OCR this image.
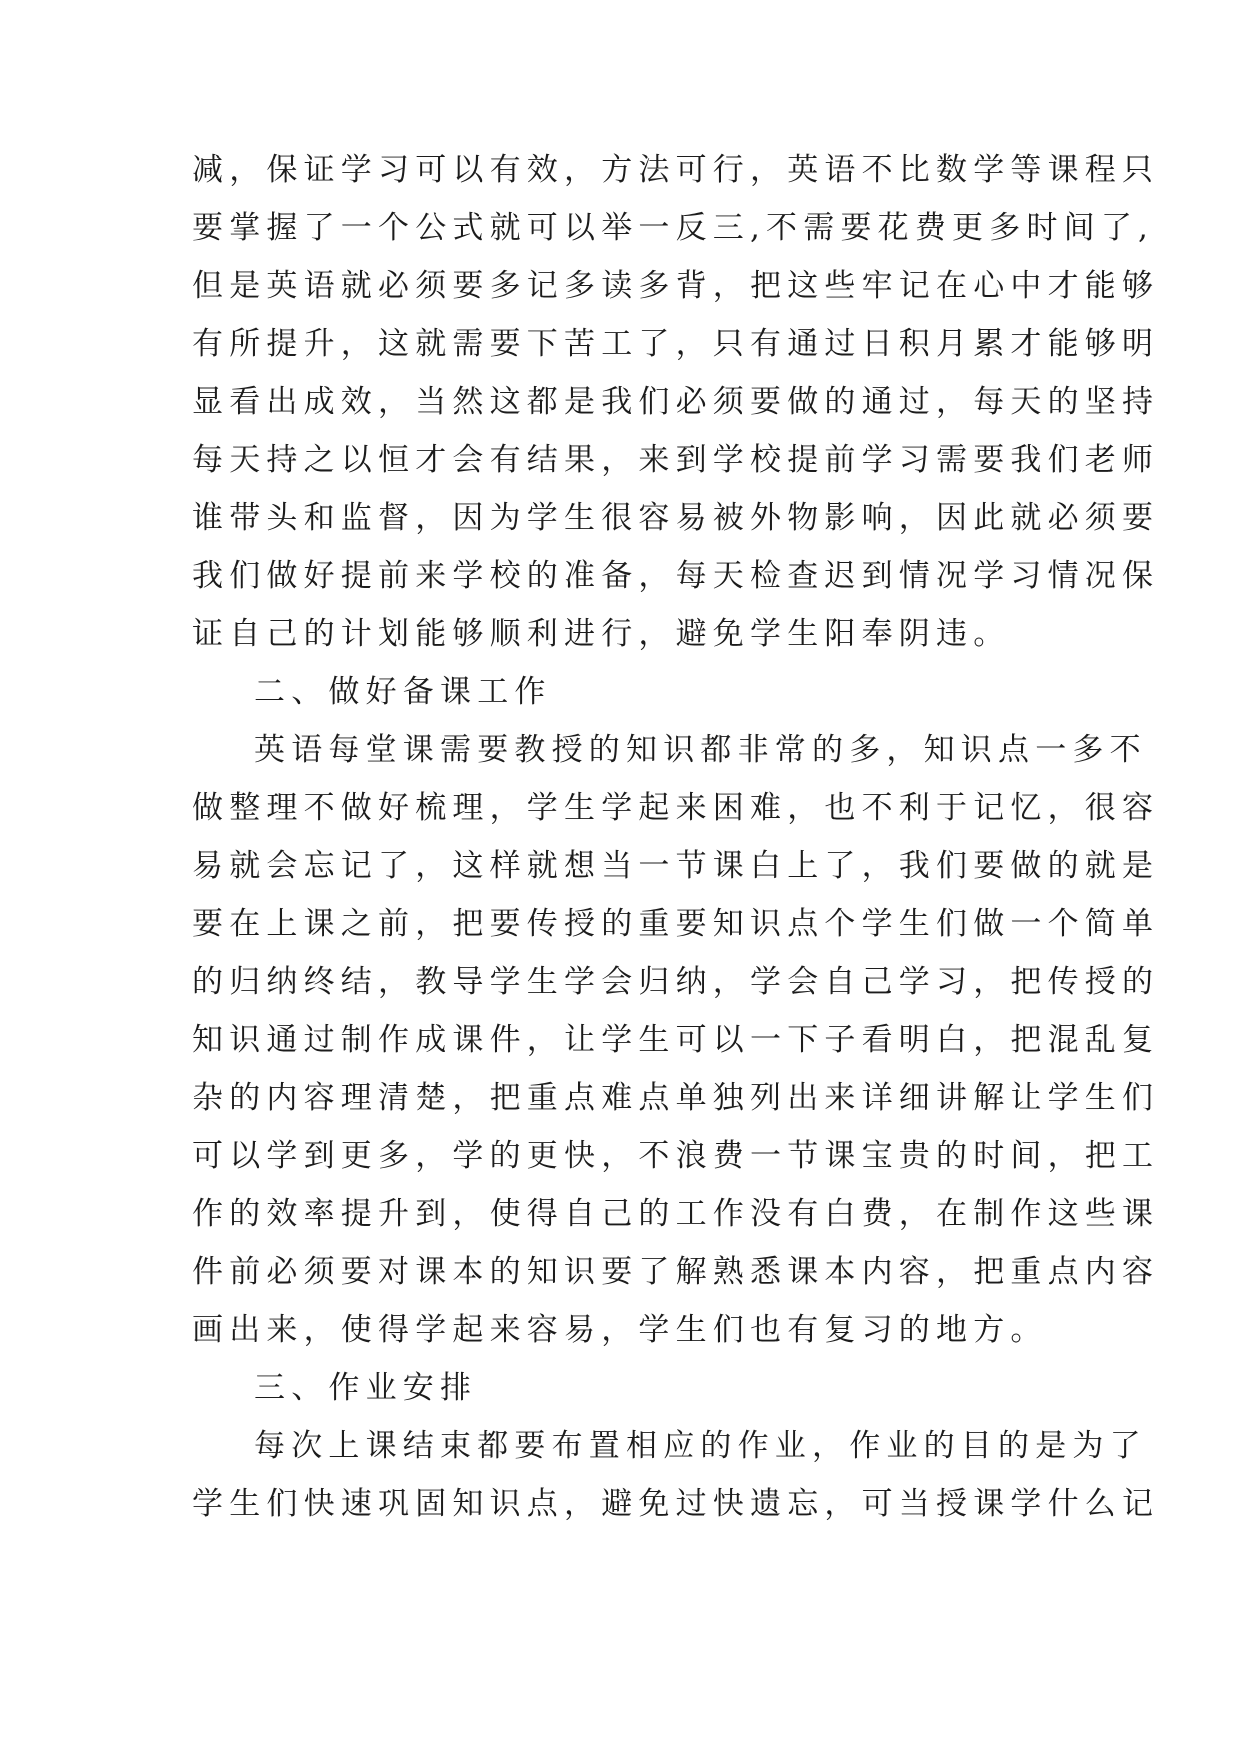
减，保证学习可以有效，方法可行，英语不比数学等课程只
要掌握了一个公式就可以举一反三,不需要花费更多时间了,
但是英语就必须要多记多读多背，把这些牢记在心中才能够
有所提升，这就需要下苦工了，只有通过日积月累才能够明
显看出成效，当然这都是我们必须要做的通过，每天的坚持
每天持之以恒才会有结果，来到学校提前学习需要我们老师
谁带头和监督，因为学生很容易被外物影响，因此就必须要
我们做好提前来学校的准备，每天检查迟到情况学习情况保
证自己的计划能够顺利进行，避免学生阳奉阴违。
二、做好备课工作
英语每堂课需要教授的知识都非常的多，知识点一多不
做整理不做好梳理，学生学起来困难，也不利于记忆，很容
易就会忘记了，这样就想当一节课白上了，我们要做的就是
要在上课之前，把要传授的重要知识点个学生们做一个简单
的归纳终结，教导学生学会归纳，学会自己学习，把传授的
知识通过制作成课件，让学生可以一下子看明白，把混乱复
杂的内容理清楚，把重点难点单独列出来详细讲解让学生们
可以学到更多，学的更快，不浪费一节课宝贵的时间，把工
作的效率提升到，使得自己的工作没有白费，在制作这些课
件前必须要对课本的知识要了解熟悉课本内容，把重点内容
画出来，使得学起来容易，学生们也有复习的地方。
三、作业安排
每次上课结束都要布置相应的作业，作业的目的是为了
学生们快速巩固知识点，避免过快遗忘，可当授课学什么记
